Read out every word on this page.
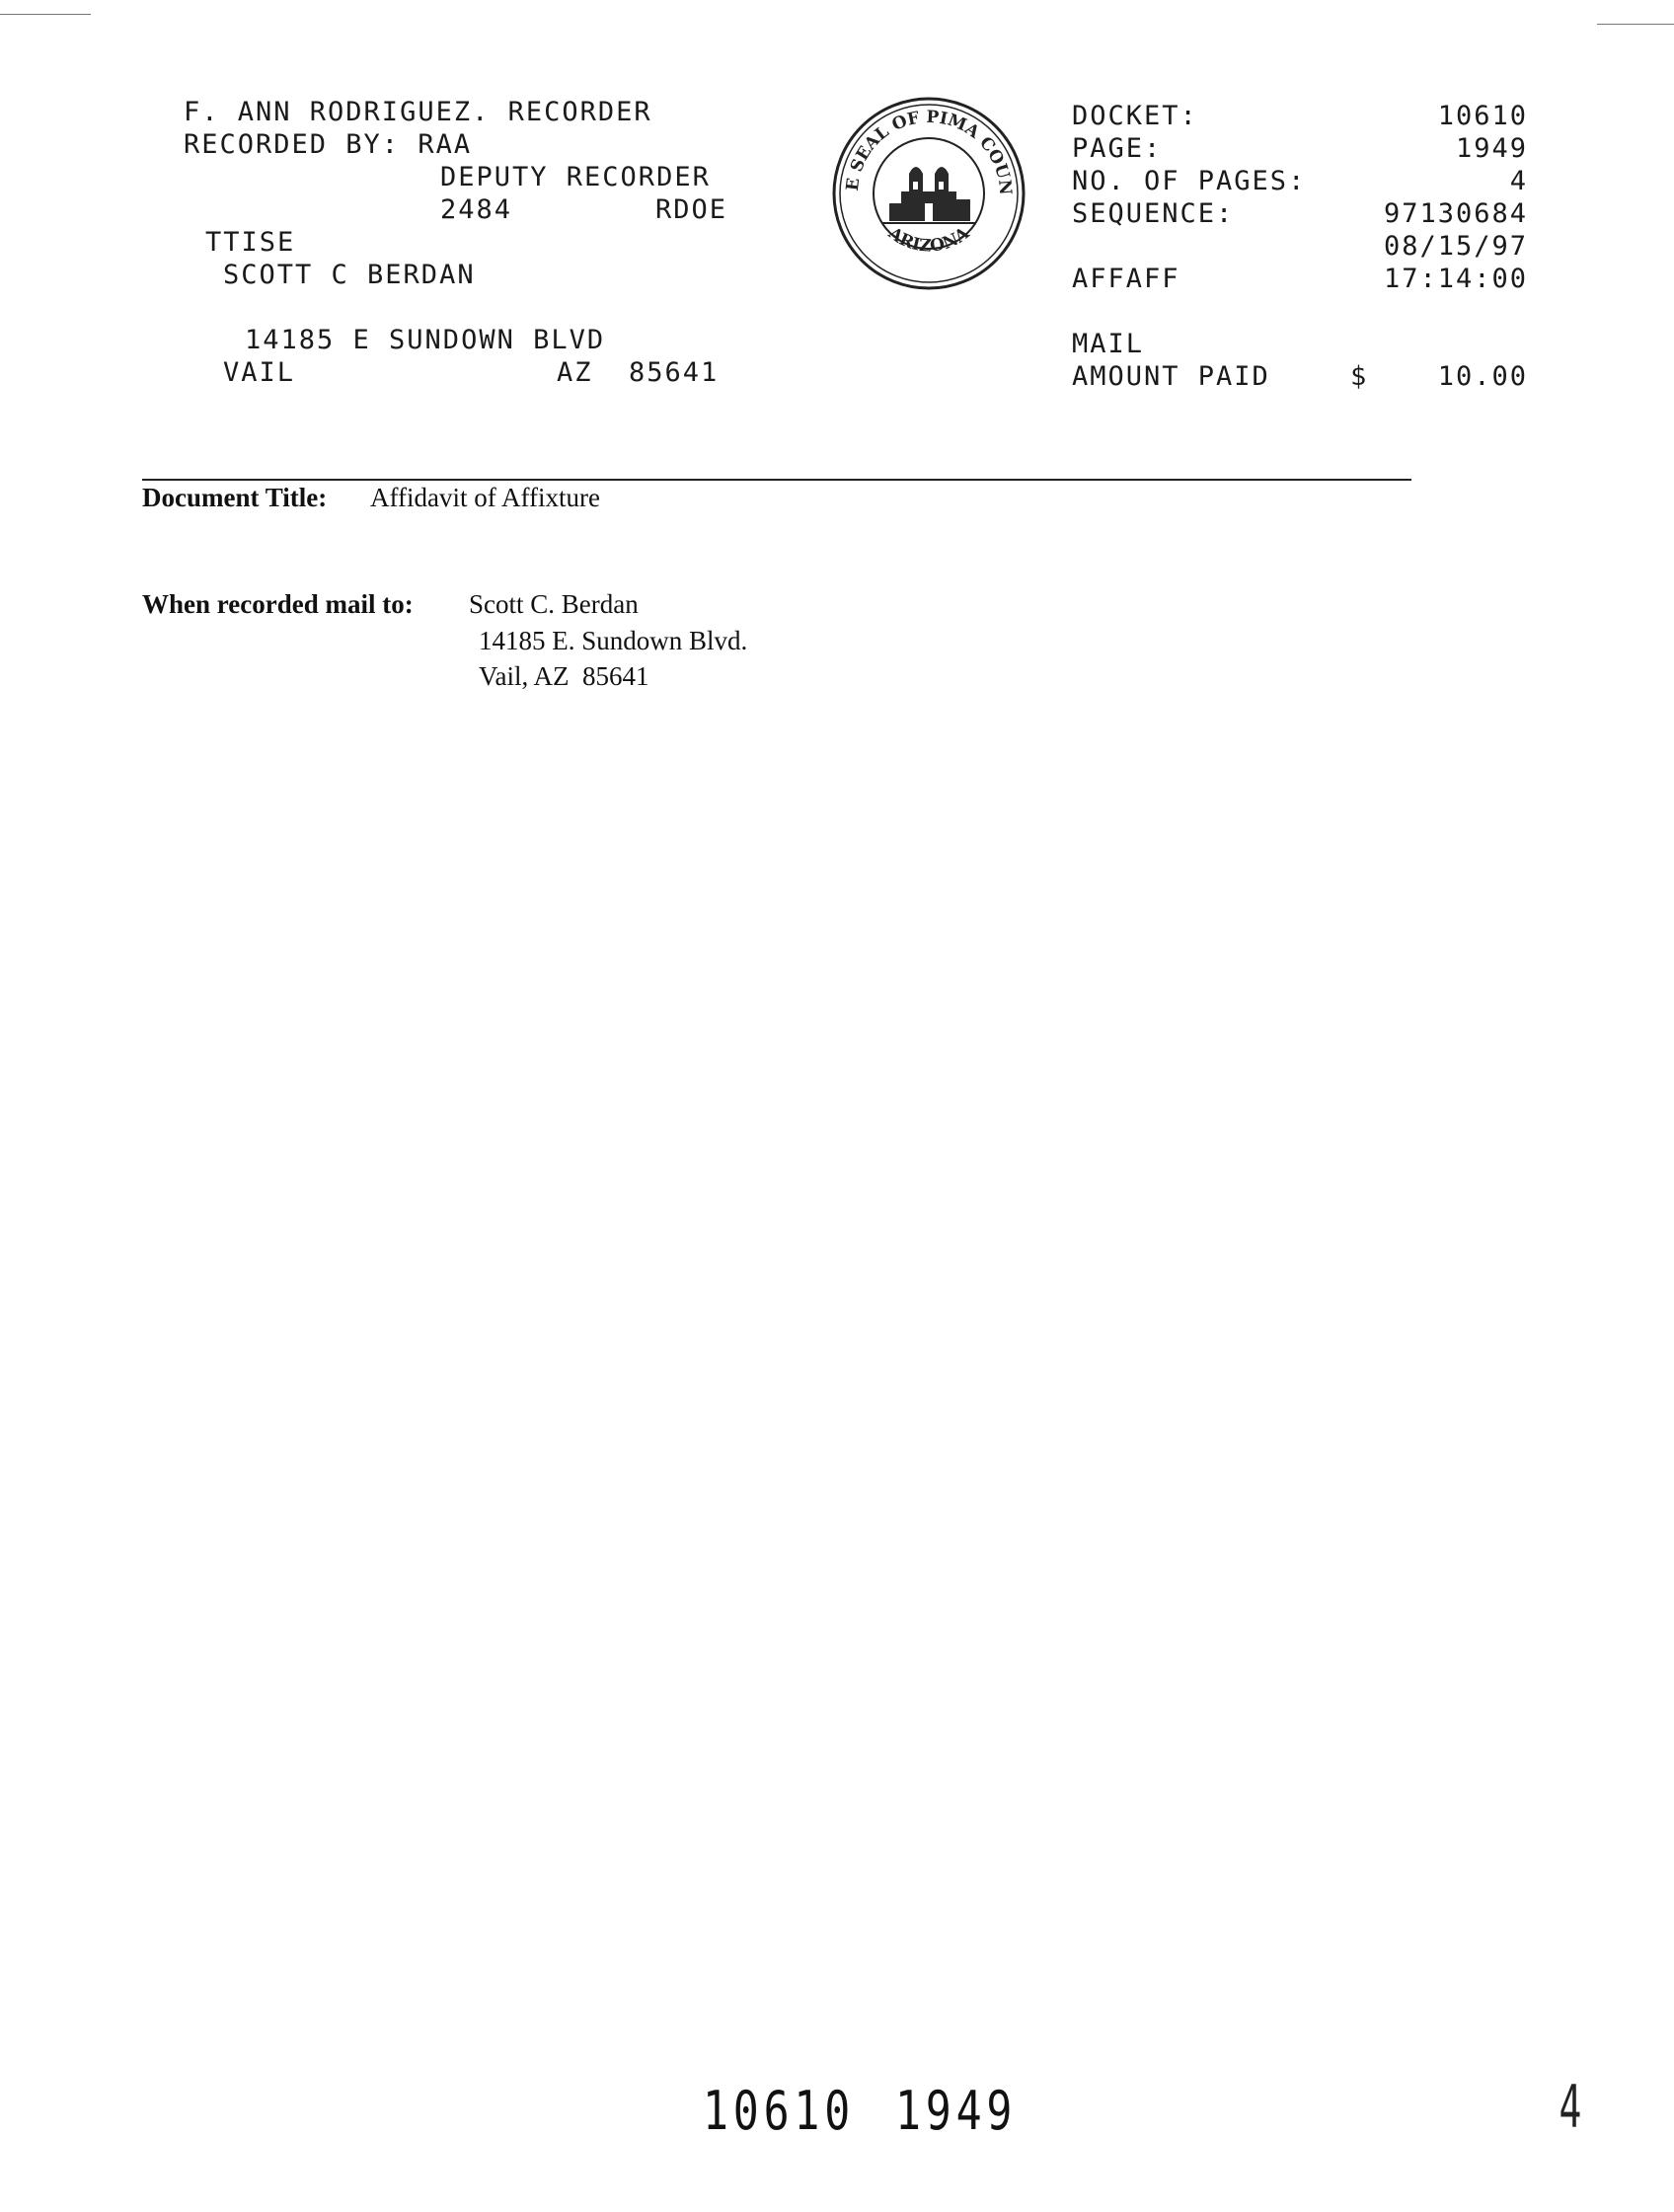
F. ANN RODRIGUEZ. RECORDER
RECORDED BY: RAA
DEPUTY RECORDER
2484	RDOE
TTISE
SCOTT C BERDAN
14185 E SUNDOWN BLVD
VAIL	AZ  85641

E SEAL OF PIMA COUN
ARIZONA

DOCKET:	10610
PAGE:	1949
NO. OF PAGES:	4
SEQUENCE:	97130684
08/15/97
AFFAFF	17:14:00
MAIL
AMOUNT PAID	$	10.00
Document Title: Affidavit of Affixture
When recorded mail to: Scott C. Berdan
14185 E. Sundown Blvd.
Vail, AZ  85641
10610 1949	4
